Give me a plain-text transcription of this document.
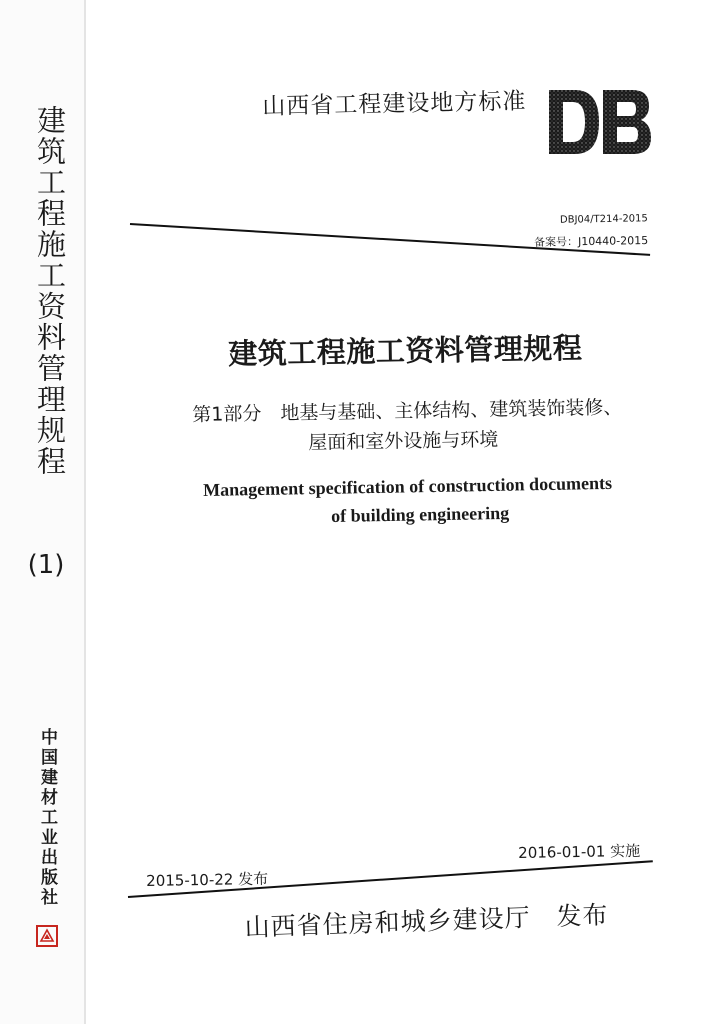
建筑工程施工资料管理规程
(1)
中国建材工业出版社
山西省工程建设地方标准
DBJ04/T214-2015
备案号：J10440-2015
建筑工程施工资料管理规程
第1部分　地基与基础、主体结构、建筑装饰装修、
屋面和室外设施与环境
Management specification of construction documents
of building engineering
2016-01-01 实施
2015-10-22 发布
山西省住房和城乡建设厅　发布
